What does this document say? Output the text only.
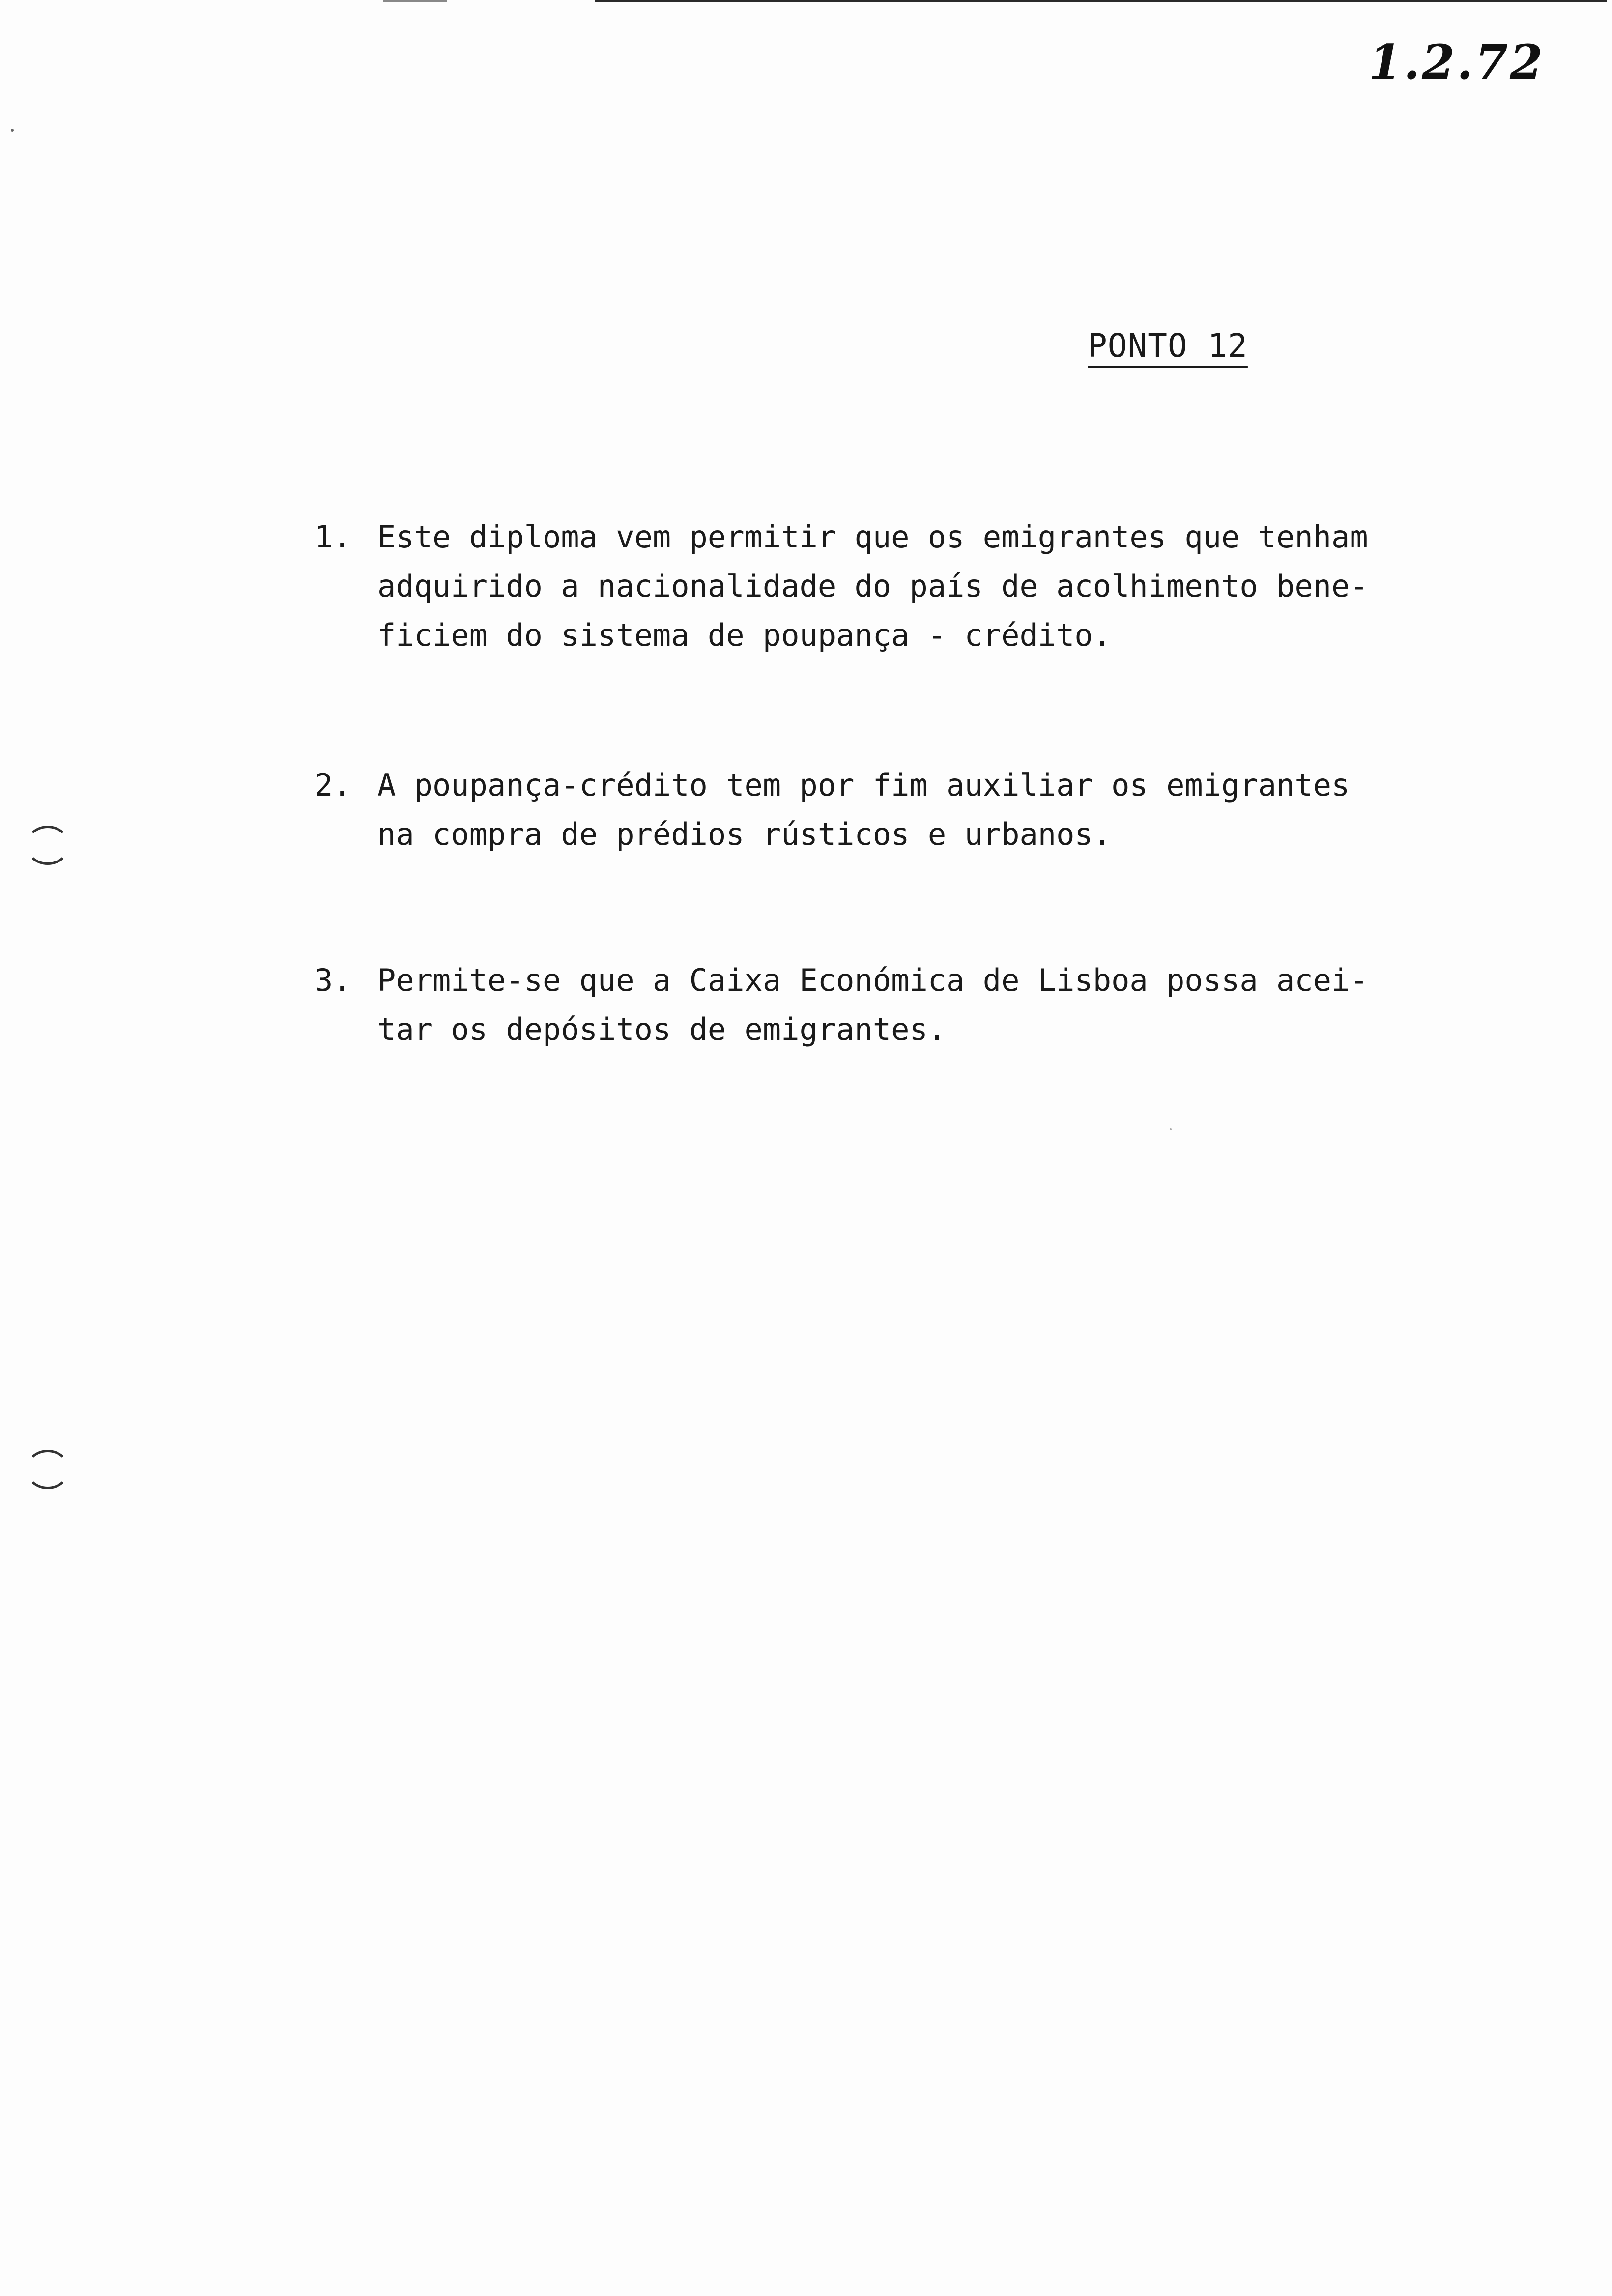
1.2.72
PONTO 12
1. Este diploma vem permitir que os emigrantes que tenham
adquirido a nacionalidade do país de acolhimento bene-
ficiem do sistema de poupança - crédito.
2. A poupança-crédito tem por fim auxiliar os emigrantes
na compra de prédios rústicos e urbanos.
3. Permite-se que a Caixa Económica de Lisboa possa acei-
tar os depósitos de emigrantes.
